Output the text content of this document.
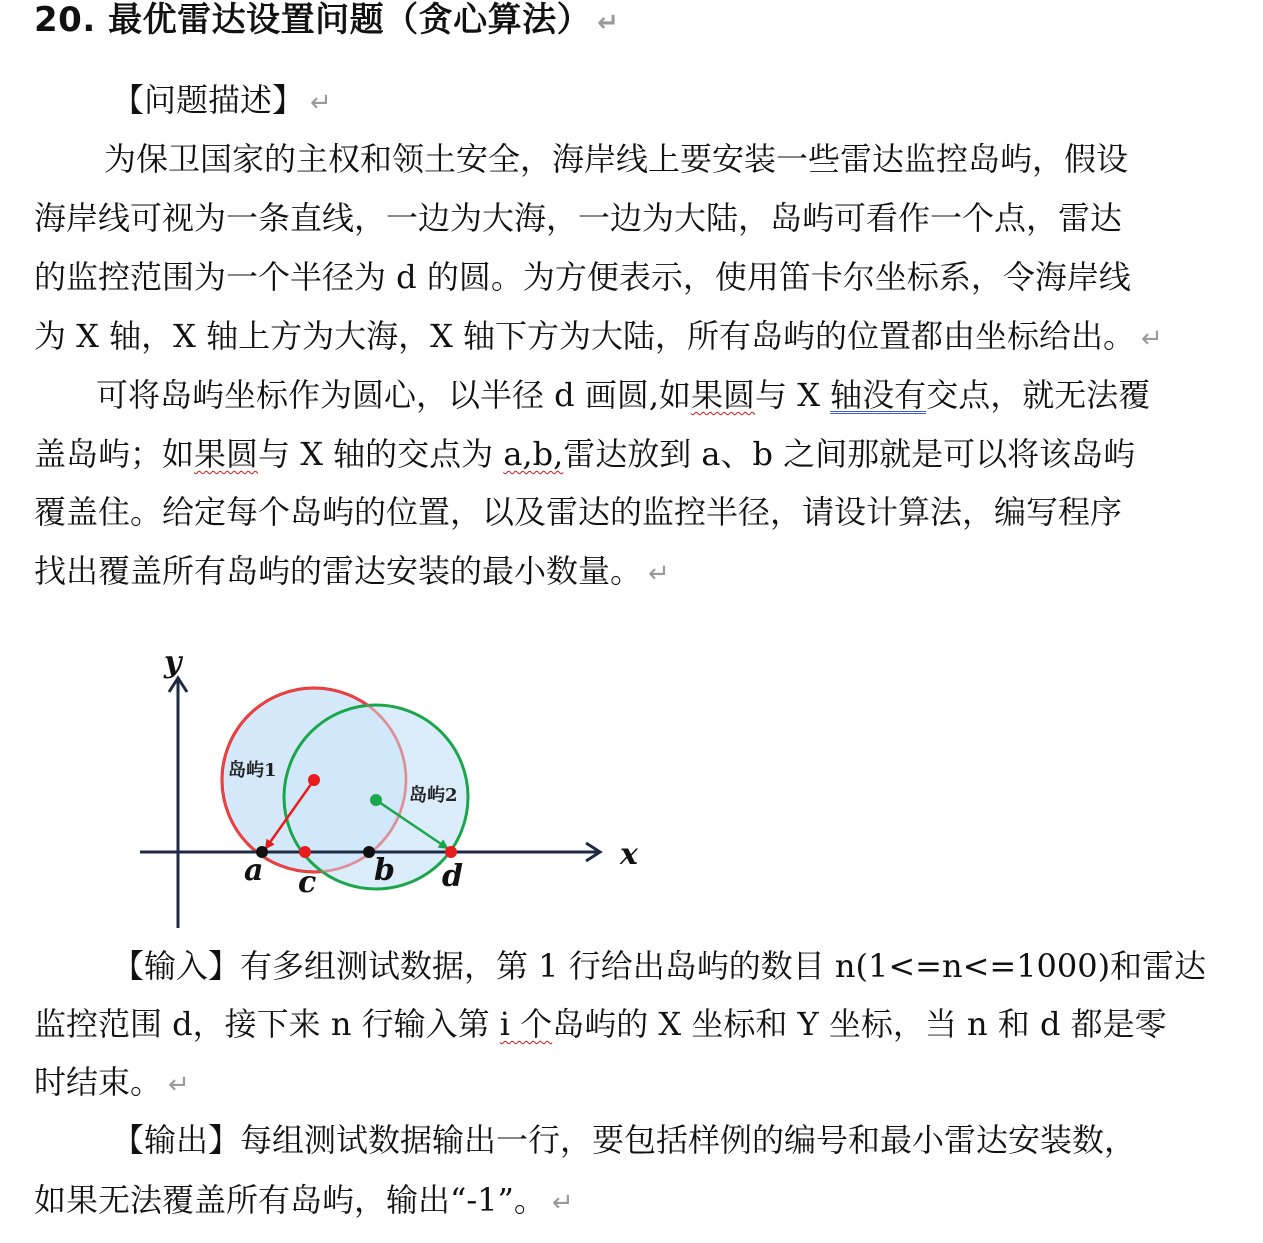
20. 最优雷达设置问题（贪心算法） ↵
【问题描述】 ↵
为保卫国家的主权和领土安全，海岸线上要安装一些雷达监控岛屿，假设
海岸线可视为一条直线，一边为大海，一边为大陆，岛屿可看作一个点，雷达
的监控范围为一个半径为 d 的圆。为方便表示，使用笛卡尔坐标系，令海岸线
为 X 轴，X 轴上方为大海，X 轴下方为大陆，所有岛屿的位置都由坐标给出。 ↵
可将岛屿坐标作为圆心，以半径 d 画圆,如果圆与 X 轴没有交点，就无法覆
盖岛屿；如果圆与 X 轴的交点为 a,b,雷达放到 a、b 之间那就是可以将该岛屿
覆盖住。给定每个岛屿的位置，以及雷达的监控半径，请设计算法，编写程序
找出覆盖所有岛屿的雷达安装的最小数量。 ↵
y
x
岛屿1
岛屿2
a c b d
【输入】有多组测试数据，第 1 行给出岛屿的数目 n(1<=n<=1000)和雷达
监控范围 d，接下来 n 行输入第 i 个岛屿的 X 坐标和 Y 坐标，当 n 和 d 都是零
时结束。 ↵
【输出】每组测试数据输出一行，要包括样例的编号和最小雷达安装数，
如果无法覆盖所有岛屿，输出“-1”。 ↵
